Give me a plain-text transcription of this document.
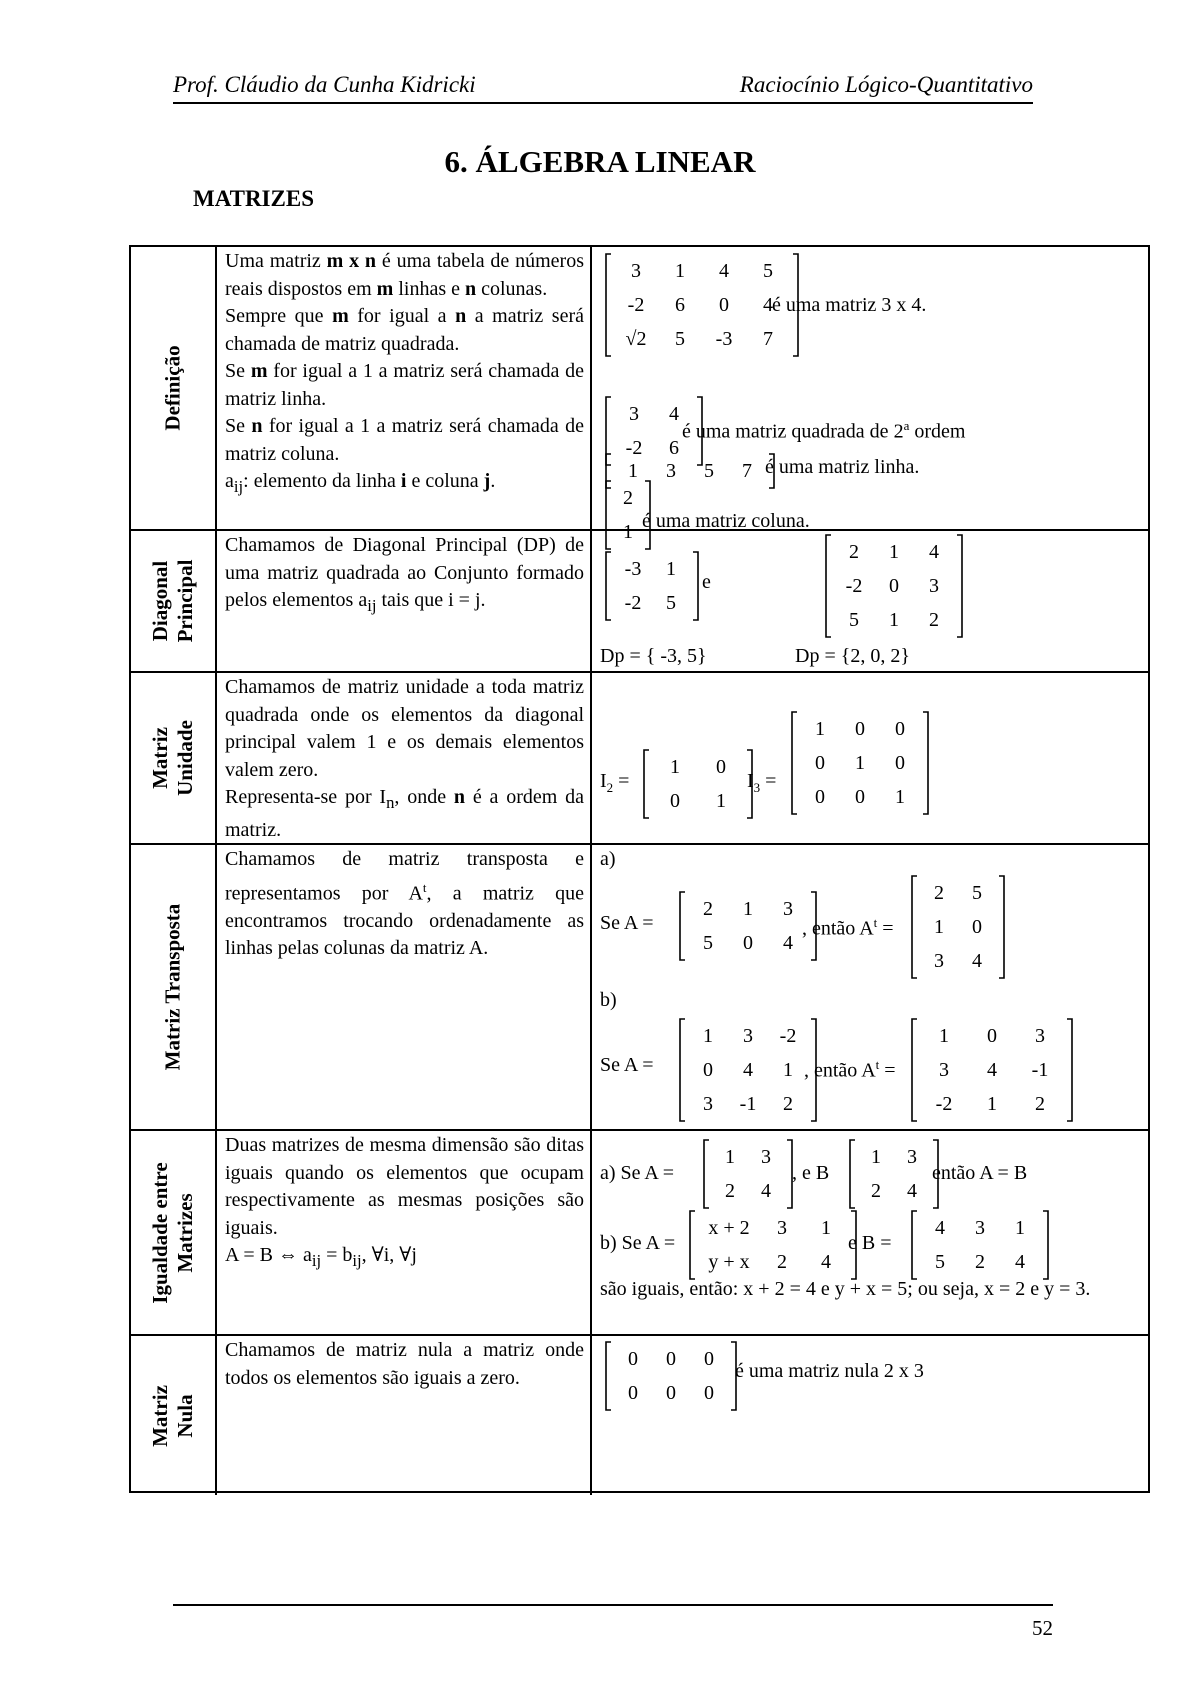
Prof. Cláudio da Cunha Kidricki	Raciocínio Lógico-Quantitativo
6. ÁLGEBRA LINEAR
MATRIZES
Definição

Uma matriz m x n é uma tabela de números reais dispostos em m linhas e n colunas.

Sempre que m for igual a n a matriz será chamada de matriz quadrada.

Se m for igual a 1 a matriz será chamada de matriz linha.

Se n for igual a 1 a matriz será chamada de matriz coluna.

$a_{ij}$: elemento da linha i e coluna j.

3 1 4 5
-2 6 0 4
√2 5 -3 7
é uma matriz 3 x 4.
3 4
-2 6
é uma matriz quadrada de 2$^a$ ordem
1 3 5 7 é uma matriz linha.
2
1 é uma matriz coluna.
Diagonal
Principal

Chamamos de Diagonal Principal (DP) de uma matriz quadrada ao Conjunto formado pelos elementos $a_{ij}$ tais que i = j.

-3 1
-2 5
e
2 1 4
-2 0 3
5 1 2
Dp = { -3, 5}	Dp = {2, 0, 2}
Matriz
Unidade

Chamamos de matriz unidade a toda matriz quadrada onde os elementos da diagonal principal valem 1 e os demais elementos valem zero.

Representa-se por $I_n$, onde n é a ordem da matriz.

$I_2$ =
1 0
0 1
$I_3$ =
1 0 0
0 1 0
0 0 1
Matriz Transposta

Chamamos de matriz transposta e representamos por $A^t$, a matriz que encontramos trocando ordenadamente as linhas pelas colunas da matriz A.

a)
Se A =
2 1 3
5 0 4
, então $A^t$ =
2 5
1 0
3 4
b)
Se A =
1 3 -2
0 4 1
3 -1 2
, então $A^t$ =
1 0 3
3 4 -1
-2 1 2
Igualdade entre
Matrizes

Duas matrizes de mesma dimensão são ditas iguais quando os elementos que ocupam respectivamente as mesmas posições são iguais.

A = B ⇔ $a_{ij} = b_{ij}$, ∀i, ∀j

a) Se A =
1 3
2 4
, e B
1 3
2 4
então A = B
b) Se A =
x + 2 3 1
y + x 2 4
e B =
4 3 1
5 2 4
são iguais, então: x + 2 = 4 e y + x = 5; ou seja, x = 2 e y = 3.
Matriz
Nula

Chamamos de matriz nula a matriz onde todos os elementos são iguais a zero.

0 0 0
0 0 0
é uma matriz nula 2 x 3
52
